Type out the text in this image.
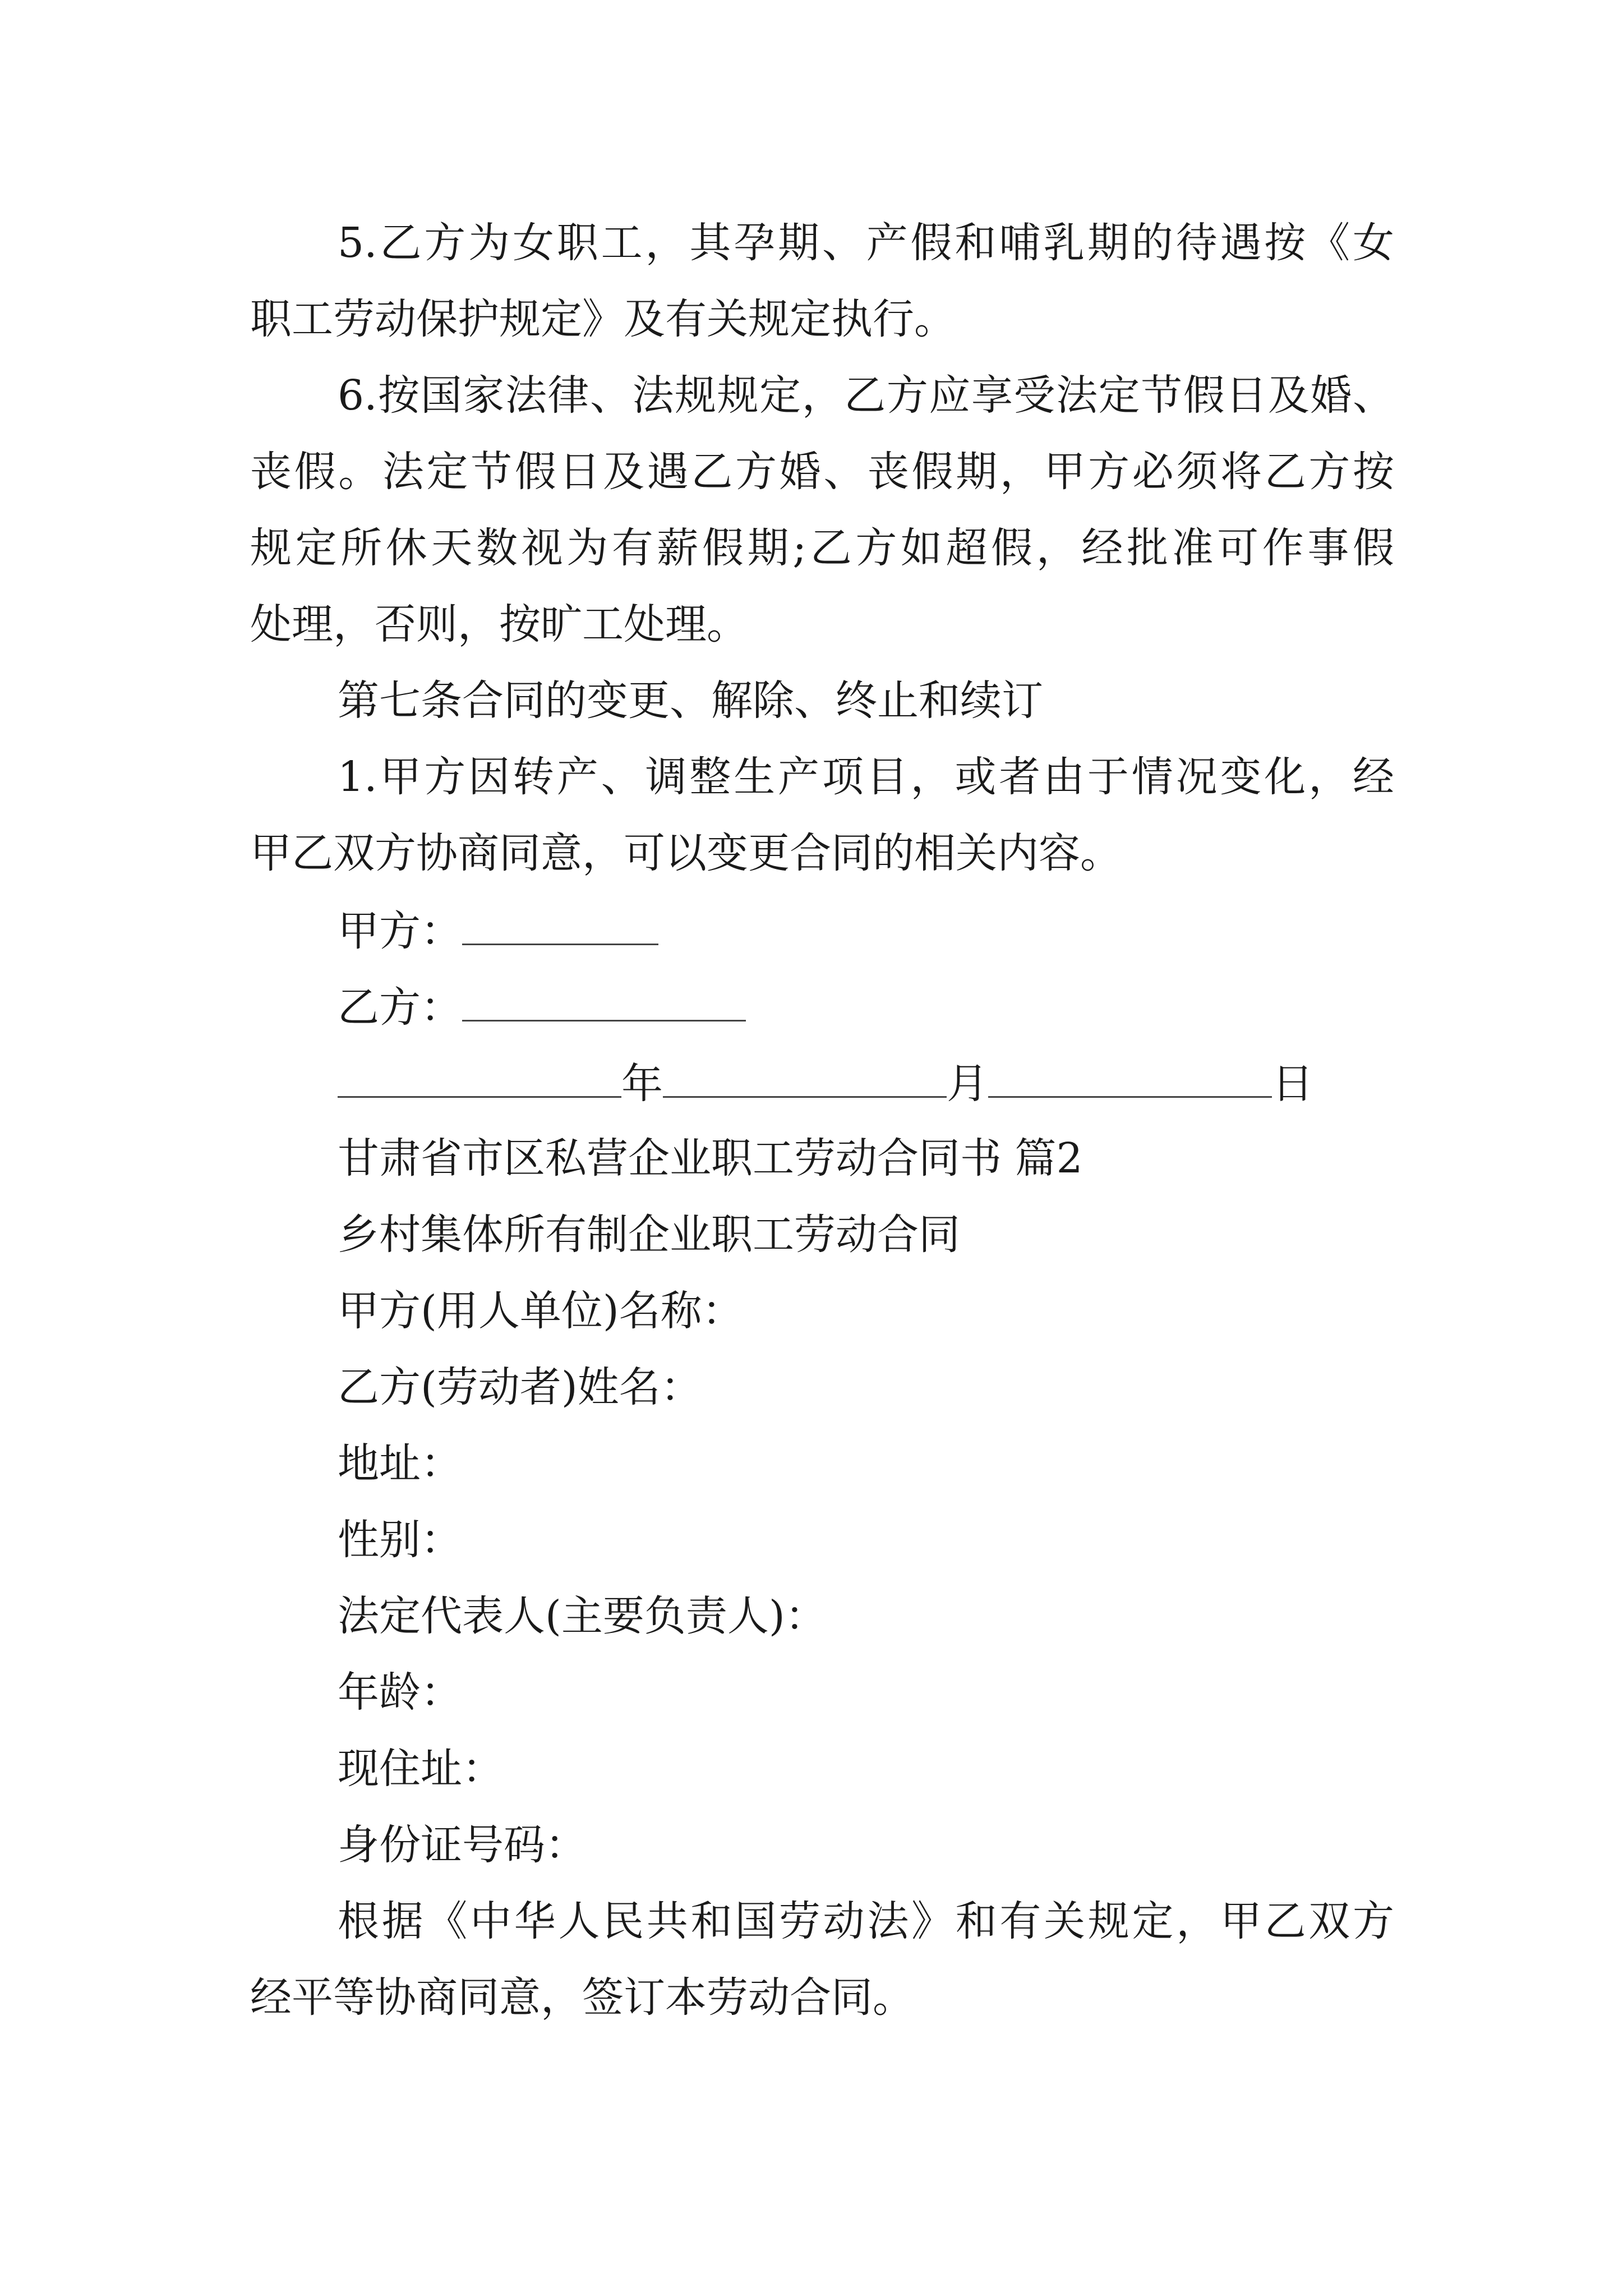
5.乙方为女职工，其孕期、产假和哺乳期的待遇按《女
职工劳动保护规定》及有关规定执行。
6.按国家法律、法规规定，乙方应享受法定节假日及婚、
丧假。法定节假日及遇乙方婚、丧假期，甲方必须将乙方按
规定所休天数视为有薪假期;乙方如超假，经批准可作事假
处理，否则，按旷工处理。
第七条合同的变更、解除、终止和续订
1.甲方因转产、调整生产项目，或者由于情况变化，经
甲乙双方协商同意，可以变更合同的相关内容。
甲方：
乙方：
年	月	日
甘肃省市区私营企业职工劳动合同书 篇2
乡村集体所有制企业职工劳动合同
甲方(用人单位)名称：
乙方(劳动者)姓名：
地址：
性别：
法定代表人(主要负责人)：
年龄：
现住址：
身份证号码：
根据《中华人民共和国劳动法》和有关规定，甲乙双方
经平等协商同意，签订本劳动合同。
